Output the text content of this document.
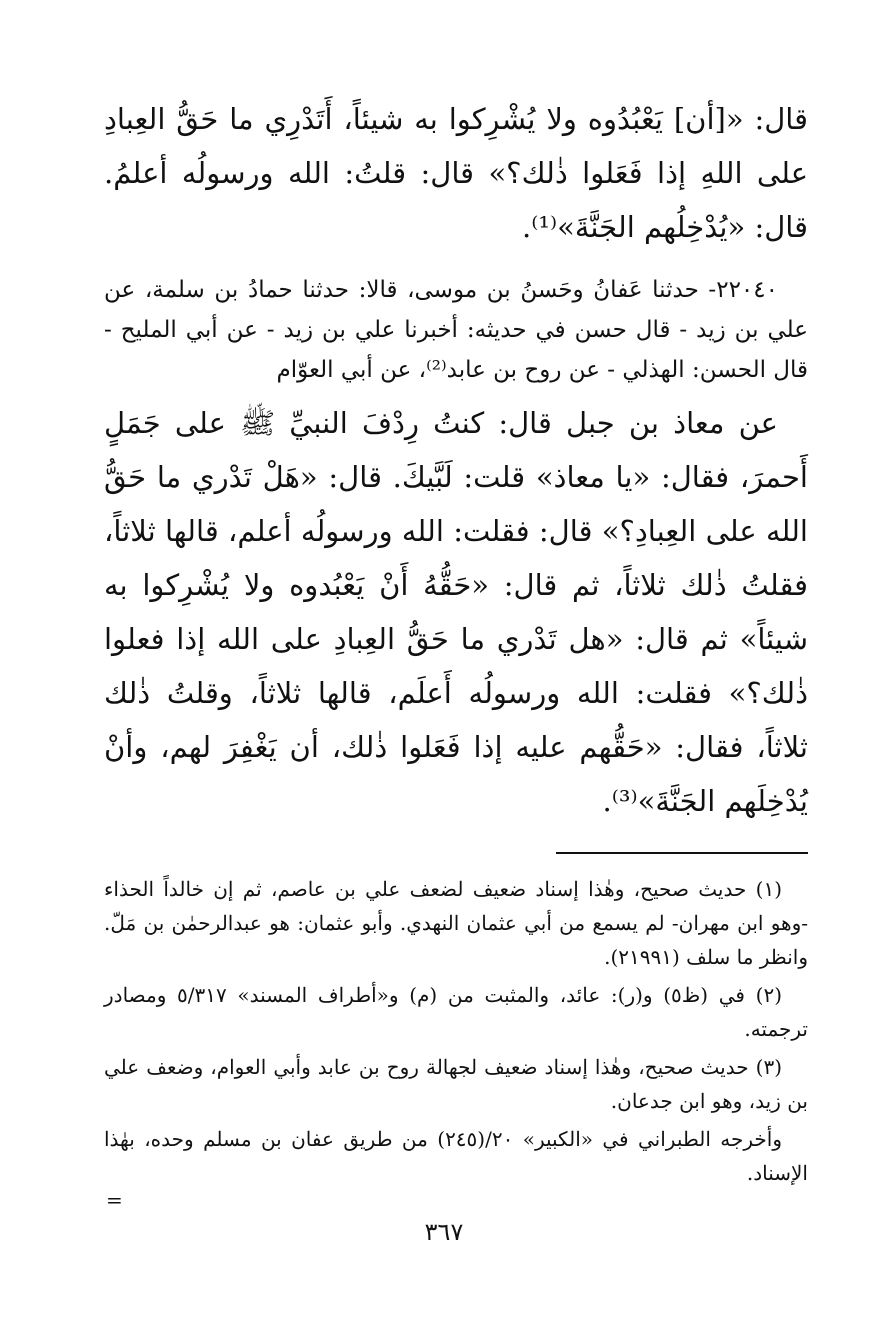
قال: «[أن] يَعْبُدُوه ولا يُشْرِكوا به شيئاً، أَتَدْرِي ما حَقُّ العِبادِ على اللهِ إذا فَعَلوا ذٰلك؟» قال: قلتُ: الله ورسولُه أعلمُ. قال: «يُدْخِلُهم الجَنَّةَ»⁽¹⁾.

٢٢٠٤٠- حدثنا عَفانُ وحَسنُ بن موسى، قالا: حدثنا حمادُ بن سلمة، عن علي بن زيد - قال حسن في حديثه: أخبرنا علي بن زيد - عن أبي المليح - قال الحسن: الهذلي - عن روح بن عابد⁽²⁾، عن أبي العوّام

عن معاذ بن جبل قال: كنتُ رِدْفَ النبيِّ ﷺ على جَمَلٍ أَحمرَ، فقال: «يا معاذ» قلت: لَبَّيكَ. قال: «هَلْ تَدْري ما حَقُّ الله على العِبادِ؟» قال: فقلت: الله ورسولُه أعلم، قالها ثلاثاً، فقلتُ ذٰلك ثلاثاً، ثم قال: «حَقُّهُ أَنْ يَعْبُدوه ولا يُشْرِكوا به شيئاً» ثم قال: «هل تَدْري ما حَقُّ العِبادِ على الله إذا فعلوا ذٰلك؟» فقلت: الله ورسولُه أَعلَم، قالها ثلاثاً، وقلتُ ذٰلك ثلاثاً، فقال: «حَقُّهم عليه إذا فَعَلوا ذٰلك، أن يَغْفِرَ لهم، وأنْ يُدْخِلَهم الجَنَّةَ»⁽³⁾.

(١) حديث صحيح، وهٰذا إسناد ضعيف لضعف علي بن عاصم، ثم إن خالداً الحذاء -وهو ابن مهران- لم يسمع من أبي عثمان النهدي. وأبو عثمان: هو عبدالرحمٰن بن مَلّ. وانظر ما سلف (٢١٩٩١).

(٢) في (ظ٥) و(ر): عائد، والمثبت من (م) و«أطراف المسند» ٥/٣١٧ ومصادر ترجمته.

(٣) حديث صحيح، وهٰذا إسناد ضعيف لجهالة روح بن عابد وأبي العوام، وضعف علي بن زيد، وهو ابن جدعان.

وأخرجه الطبراني في «الكبير» ٢٠/(٢٤٥) من طريق عفان بن مسلم وحده، بهٰذا الإسناد.

=
٣٦٧
